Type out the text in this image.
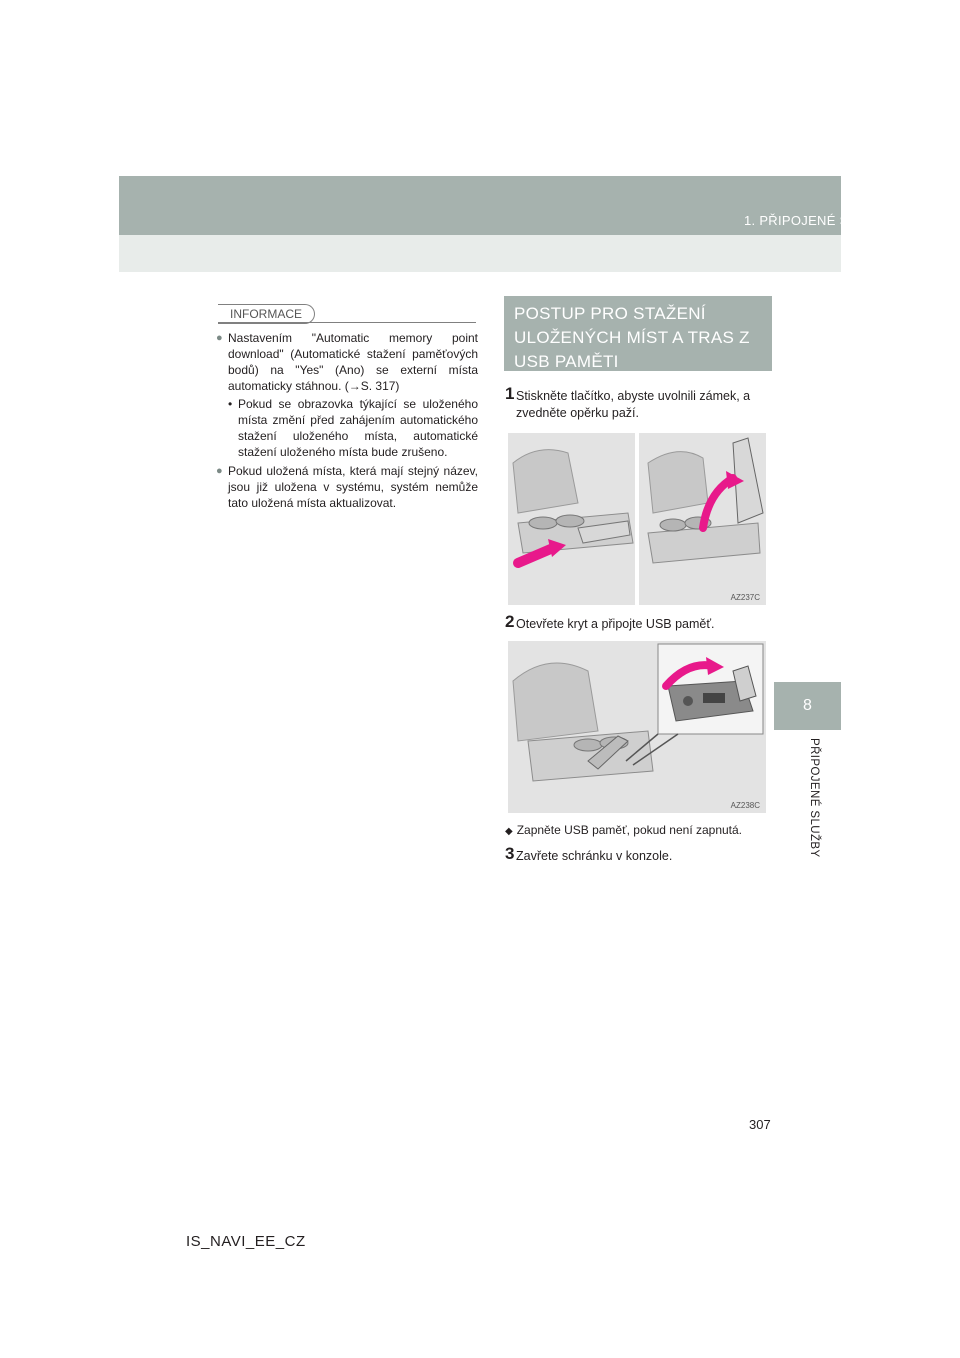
1. PŘIPOJENÉ SLUŽBY
8
PŘIPOJENÉ SLUŽBY
INFORMACE
● Nastavením "Automatic memory point download" (Automatické stažení paměťových bodů) na "Yes" (Ano) se externí místa automaticky stáhnou. (→S. 317)
• Pokud se obrazovka týkající se uloženého místa změní před zahájením automatického stažení uloženého místa, automatické stažení uloženého místa bude zrušeno.
● Pokud uložená místa, která mají stejný název, jsou již uložena v systému, systém nemůže tato uložená místa aktualizovat.
POSTUP PRO STAŽENÍ ULOŽENÝCH MÍST A TRAS Z USB PAMĚTI
1 Stiskněte tlačítko, abyste uvolnili zámek, a zvedněte opěrku paží.
AZ237C
2 Otevřete kryt a připojte USB paměť.
AZ238C
◆ Zapněte USB paměť, pokud není zapnutá.
3 Zavřete schránku v konzole.
307
IS_NAVI_EE_CZ
